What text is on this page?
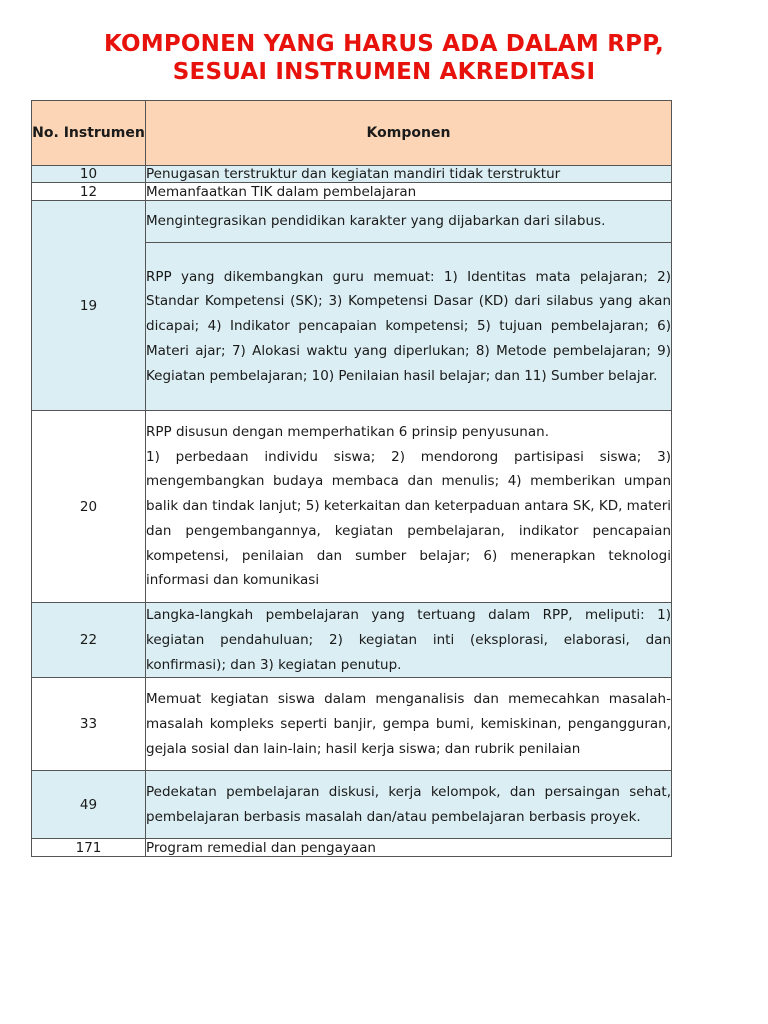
KOMPONEN YANG HARUS ADA DALAM RPP,
SESUAI INSTRUMEN AKREDITASI
No. Instrumen	Komponen
10	Penugasan terstruktur dan kegiatan mandiri tidak terstruktur
12	Memanfaatkan TIK dalam pembelajaran
19	Mengintegrasikan pendidikan karakter yang dijabarkan dari silabus.
	RPP yang dikembangkan guru memuat: 1) Identitas mata pelajaran; 2) Standar Kompetensi (SK); 3) Kompetensi Dasar (KD) dari silabus yang akan dicapai; 4) Indikator pencapaian kompetensi; 5) tujuan pembelajaran; 6) Materi ajar; 7) Alokasi waktu yang diperlukan; 8) Metode pembelajaran; 9) Kegiatan pembelajaran; 10) Penilaian hasil belajar; dan 11) Sumber belajar.
20	RPP disusun dengan memperhatikan 6 prinsip penyusunan.

1) perbedaan individu siswa; 2) mendorong partisipasi siswa; 3) mengembangkan budaya membaca dan menulis; 4) memberikan umpan balik dan tindak lanjut; 5) keterkaitan dan keterpaduan antara SK, KD, materi dan pengembangannya, kegiatan pembelajaran, indikator pencapaian kompetensi, penilaian dan sumber belajar; 6) menerapkan teknologi informasi dan komunikasi

22	Langka-langkah pembelajaran yang tertuang dalam RPP, meliputi: 1) kegiatan pendahuluan; 2) kegiatan inti (eksplorasi, elaborasi, dan konfirmasi); dan 3) kegiatan penutup.
33	Memuat kegiatan siswa dalam menganalisis dan memecahkan masalah-masalah kompleks seperti banjir, gempa bumi, kemiskinan, pengangguran, gejala sosial dan lain-lain; hasil kerja siswa; dan rubrik penilaian
49	Pedekatan pembelajaran diskusi, kerja kelompok, dan persaingan sehat, pembelajaran berbasis masalah dan/atau pembelajaran berbasis proyek.
171	Program remedial dan pengayaan
